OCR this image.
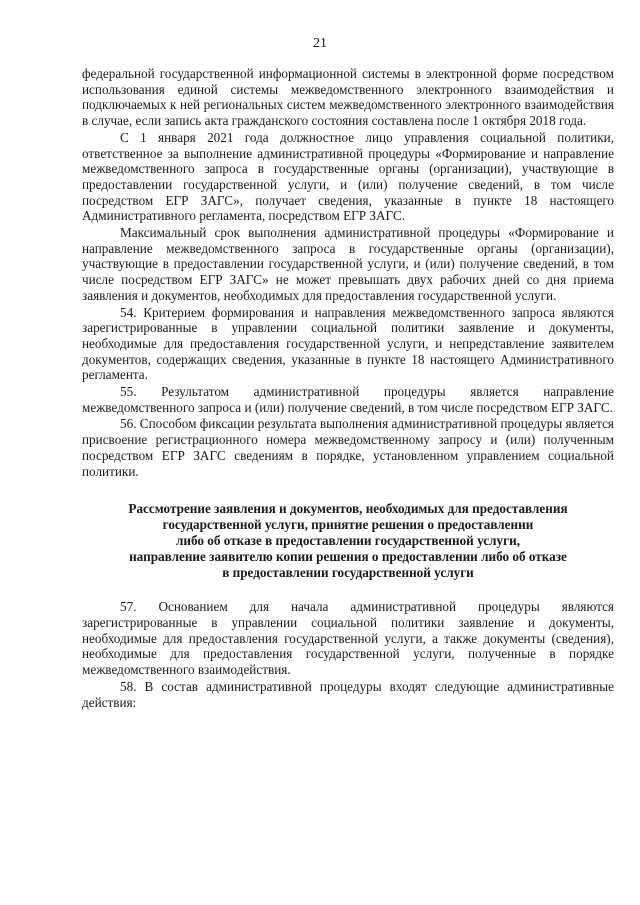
21

федеральной государственной информационной системы в электронной форме посредством использования единой системы межведомственного электронного взаимодействия и подключаемых к ней региональных систем межведомственного электронного взаимодействия в случае, если запись акта гражданского состояния составлена после 1 октября 2018 года.

С 1 января 2021 года должностное лицо управления социальной политики, ответственное за выполнение административной процедуры «Формирование и направление межведомственного запроса в государственные органы (организации), участвующие в предоставлении государственной услуги, и (или) получение сведений, в том числе посредством ЕГР ЗАГС», получает сведения, указанные в пункте 18 настоящего Административного регламента, посредством ЕГР ЗАГС.

Максимальный срок выполнения административной процедуры «Формирование и направление межведомственного запроса в государственные органы (организации), участвующие в предоставлении государственной услуги, и (или) получение сведений, в том числе посредством ЕГР ЗАГС» не может превышать двух рабочих дней со дня приема заявления и документов, необходимых для предоставления государственной услуги.

54. Критерием формирования и направления межведомственного запроса являются зарегистрированные в управлении социальной политики заявление и документы, необходимые для предоставления государственной услуги, и непредставление заявителем документов, содержащих сведения, указанные в пункте 18 настоящего Административного регламента.

55. Результатом административной процедуры является направление межведомственного запроса и (или) получение сведений, в том числе посредством ЕГР ЗАГС.

56. Способом фиксации результата выполнения административной процедуры является присвоение регистрационного номера межведомственному запросу и (или) полученным посредством ЕГР ЗАГС сведениям в порядке, установленном управлением социальной политики.

Рассмотрение заявления и документов, необходимых для предоставления
государственной услуги, принятие решения о предоставлении
либо об отказе в предоставлении государственной услуги,
направление заявителю копии решения о предоставлении либо об отказе
в предоставлении государственной услуги

57. Основанием для начала административной процедуры являются зарегистрированные в управлении социальной политики заявление и документы, необходимые для предоставления государственной услуги, а также документы (сведения), необходимые для предоставления государственной услуги, полученные в порядке межведомственного взаимодействия.

58. В состав административной процедуры входят следующие административные действия:
